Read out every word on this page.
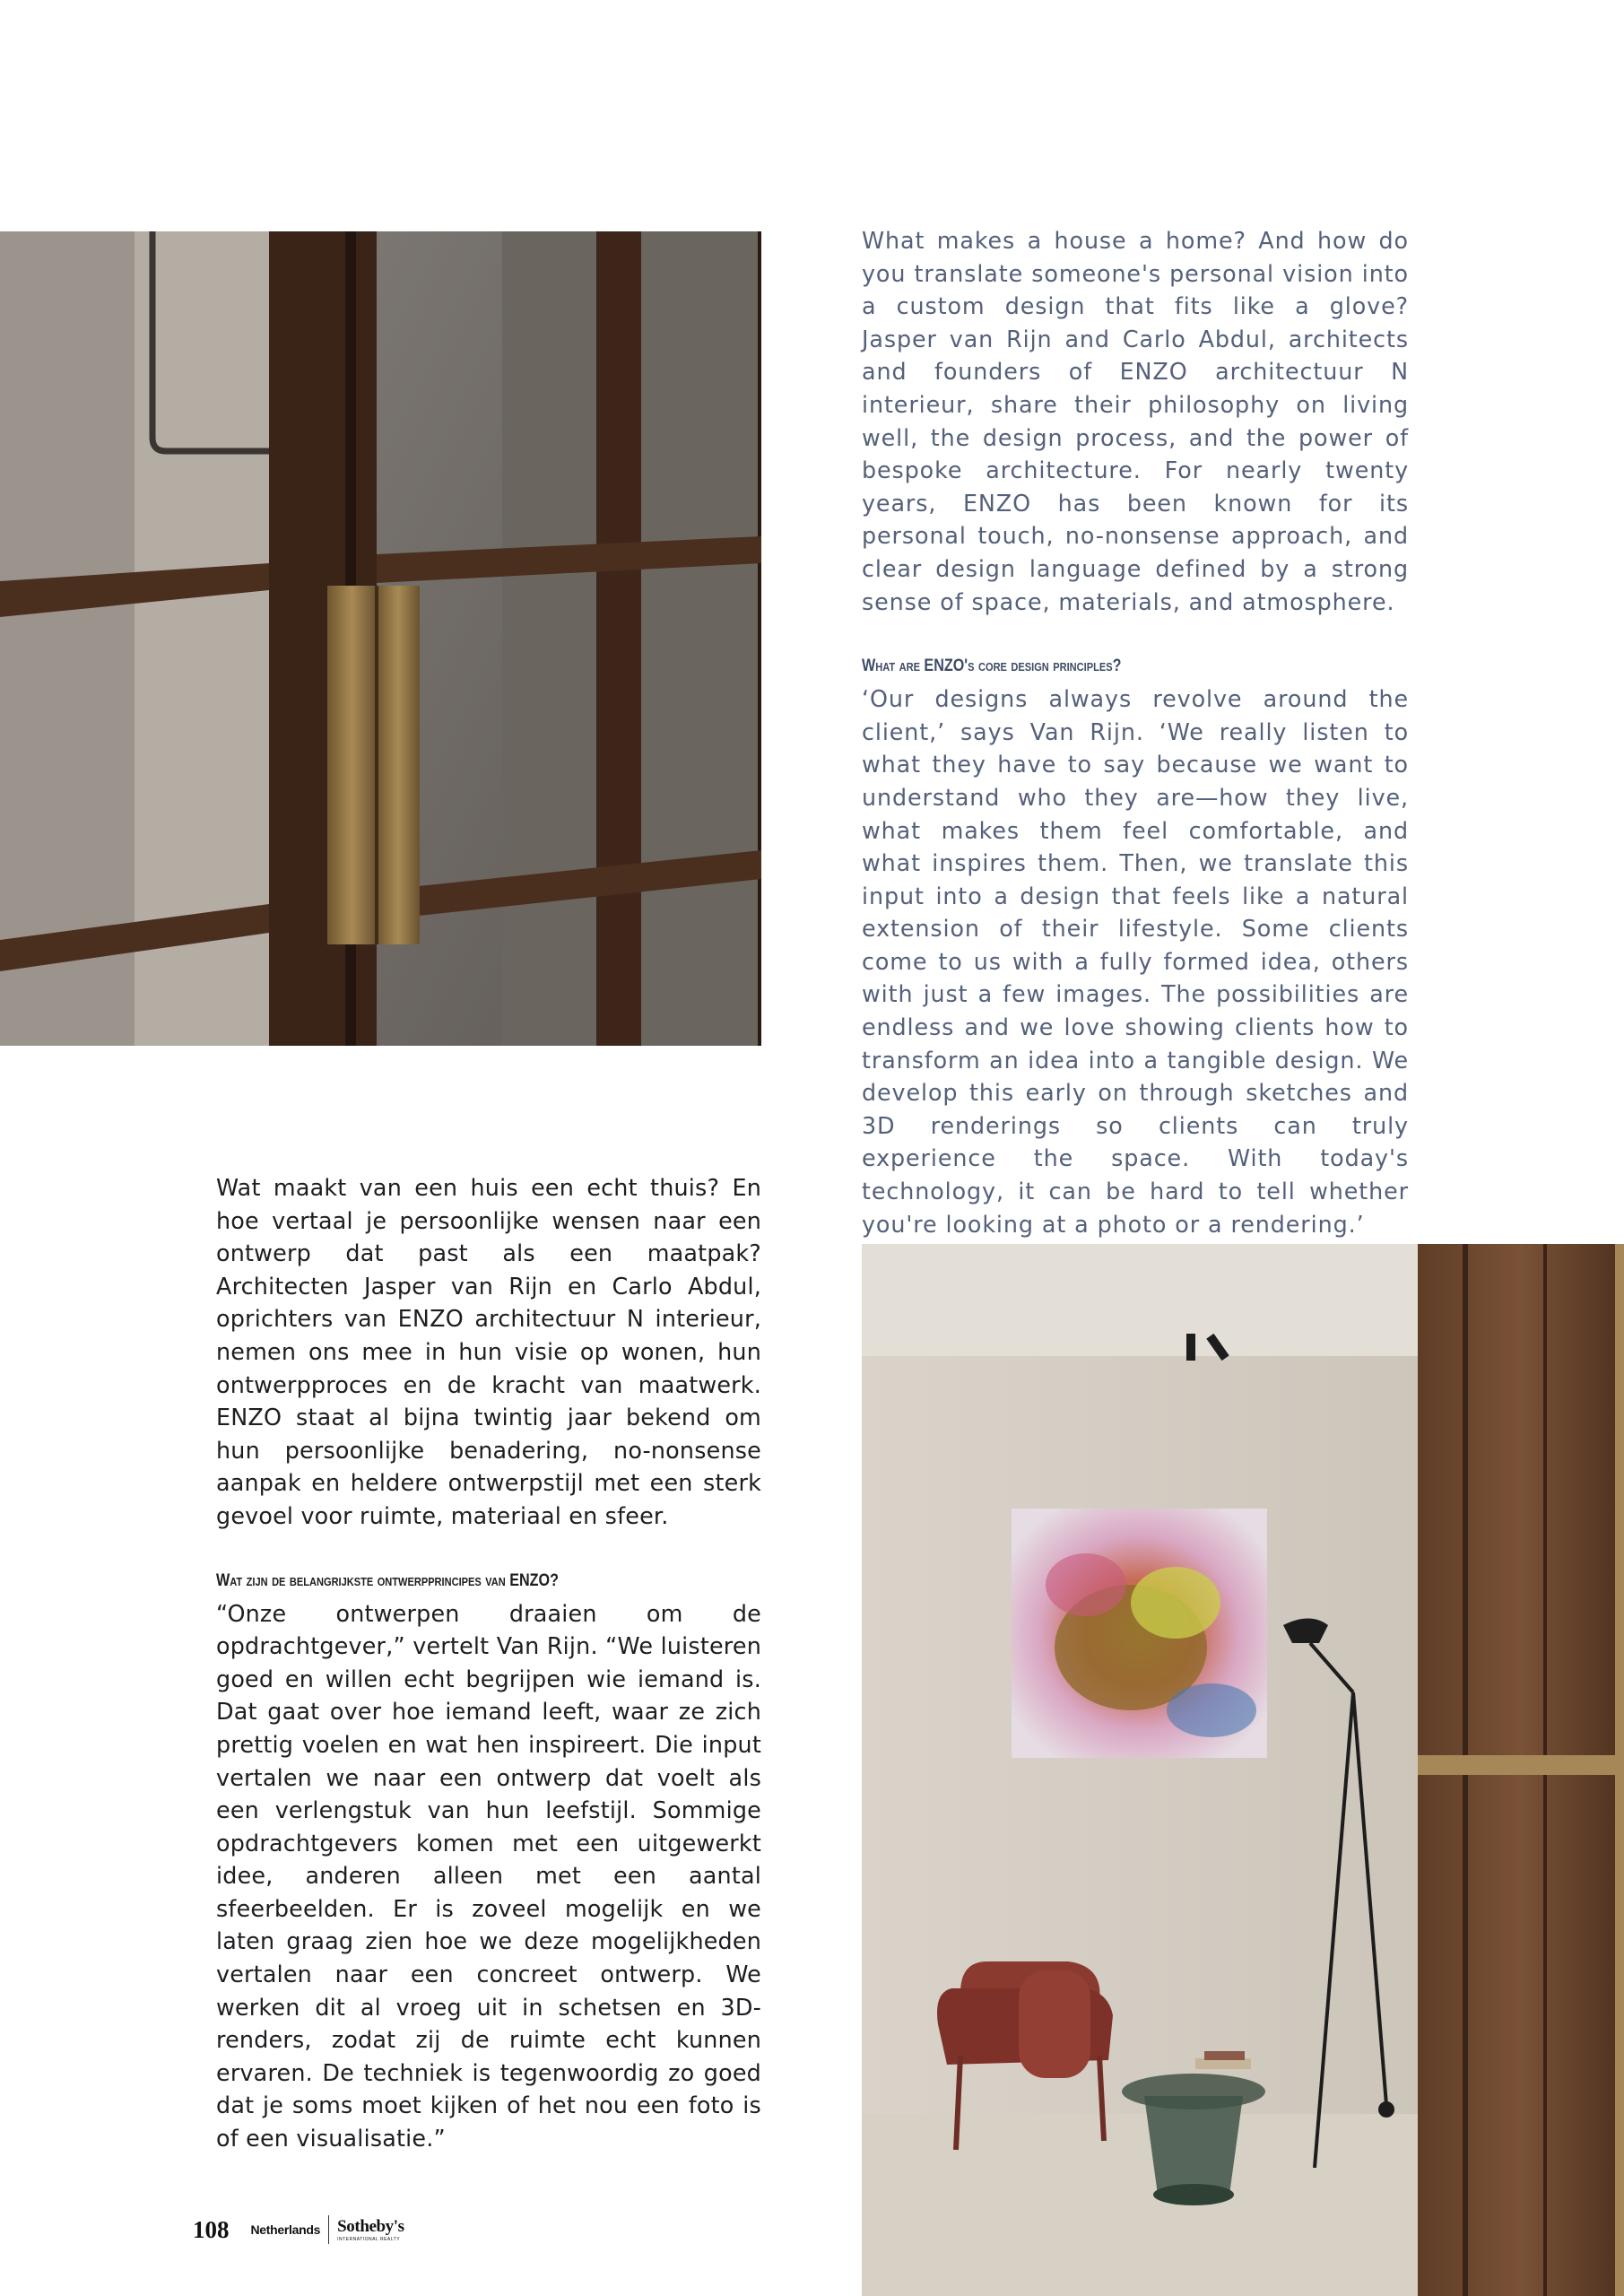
What makes a house a home? And how do you translate someone's personal vision into a custom design that fits like a glove? Jasper van Rijn and Carlo Abdul, architects and founders of ENZO architectuur N interieur, share their philosophy on living well, the design process, and the power of bespoke architecture. For nearly twenty years, ENZO has been known for its personal touch, no-nonsense approach, and clear design language defined by a strong sense of space, materials, and atmosphere.

What are ENZO's core design principles?

‘Our designs always revolve around the client,’ says Van Rijn. ‘We really listen to what they have to say because we want to understand who they are—how they live, what makes them feel comfortable, and what inspires them. Then, we translate this input into a design that feels like a natural extension of their lifestyle. Some clients come to us with a fully formed idea, others with just a few images. The possibilities are endless and we love showing clients how to transform an idea into a tangible design. We develop this early on through sketches and 3D renderings so clients can truly experience the space. With today's technology, it can be hard to tell whether you're looking at a photo or a rendering.’

Wat maakt van een huis een echt thuis? En hoe vertaal je persoonlijke wensen naar een ontwerp dat past als een maatpak? Architecten Jasper van Rijn en Carlo Abdul, oprichters van ENZO architectuur N interieur, nemen ons mee in hun visie op wonen, hun ontwerpproces en de kracht van maatwerk. ENZO staat al bijna twintig jaar bekend om hun persoonlijke benadering, no-nonsense aanpak en heldere ontwerpstijl met een sterk gevoel voor ruimte, materiaal en sfeer.

Wat zijn de belangrijkste ontwerpprincipes van ENZO?

“Onze ontwerpen draaien om de opdrachtgever,” vertelt Van Rijn. “We luisteren goed en willen echt begrijpen wie iemand is. Dat gaat over hoe iemand leeft, waar ze zich prettig voelen en wat hen inspireert. Die input vertalen we naar een ontwerp dat voelt als een verlengstuk van hun leefstijl. Sommige opdrachtgevers komen met een uitgewerkt idee, anderen alleen met een aantal sfeerbeelden. Er is zoveel mogelijk en we laten graag zien hoe we deze mogelijkheden vertalen naar een concreet ontwerp. We werken dit al vroeg uit in schetsen en 3D-renders, zodat zij de ruimte echt kunnen ervaren. De techniek is tegenwoordig zo goed dat je soms moet kijken of het nou een foto is of een visualisatie.”

108 Netherlands Sotheby's
INTERNATIONAL REALTY
